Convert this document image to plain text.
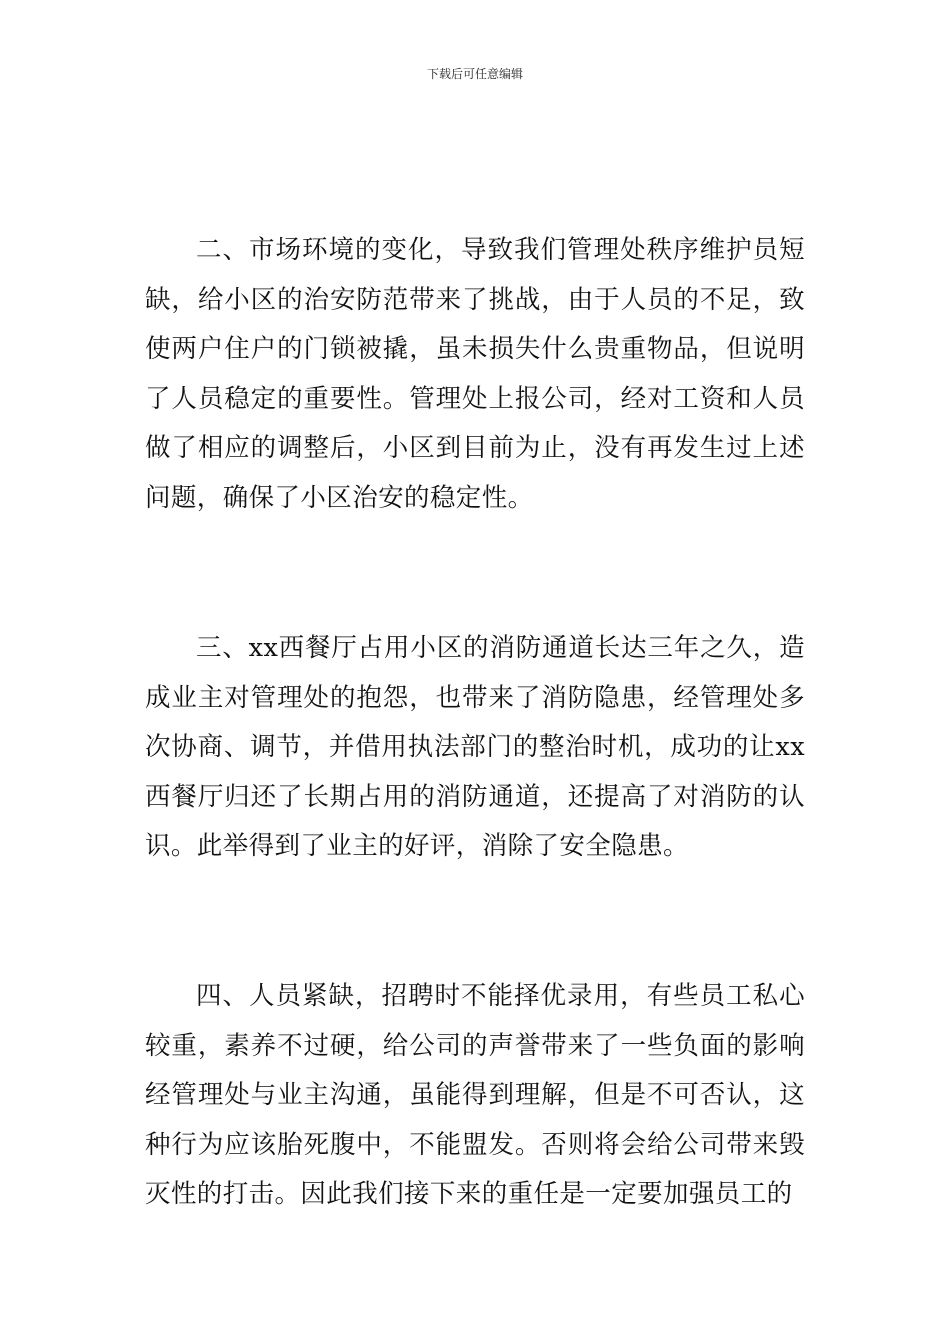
下载后可任意编辑

二、市场环境的变化，导致我们管理处秩序维护员短缺，给小区的治安防范带来了挑战，由于人员的不足，致使两户住户的门锁被撬，虽未损失什么贵重物品，但说明了人员稳定的重要性。管理处上报公司，经对工资和人员做了相应的调整后，小区到目前为止，没有再发生过上述问题，确保了小区治安的稳定性。

三、xx西餐厅占用小区的消防通道长达三年之久，造成业主对管理处的抱怨，也带来了消防隐患，经管理处多次协商、调节，并借用执法部门的整治时机，成功的让xx西餐厅归还了长期占用的消防通道，还提高了对消防的认识。此举得到了业主的好评，消除了安全隐患。

四、人员紧缺，招聘时不能择优录用，有些员工私心较重，素养不过硬，给公司的声誉带来了一些负面的影响经管理处与业主沟通，虽能得到理解，但是不可否认，这种行为应该胎死腹中，不能盟发。否则将会给公司带来毁灭性的打击。因此我们接下来的重任是一定要加强员工的
